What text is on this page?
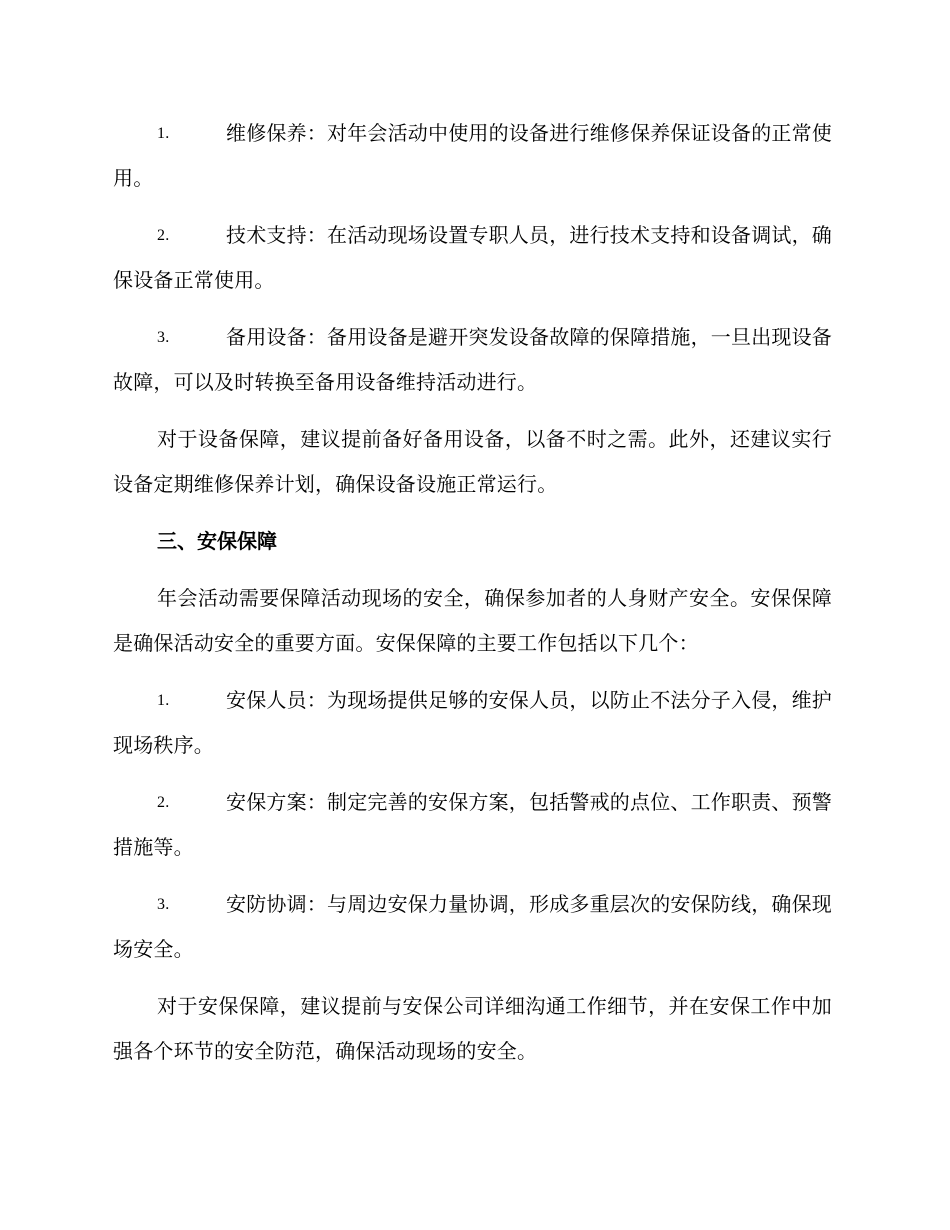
1.	维修保养：对年会活动中使用的设备进行维修保养保证设备的正常使用。

2.	技术支持：在活动现场设置专职人员，进行技术支持和设备调试，确保设备正常使用。

3.	备用设备：备用设备是避开突发设备故障的保障措施，一旦出现设备故障，可以及时转换至备用设备维持活动进行。

对于设备保障，建议提前备好备用设备，以备不时之需。此外，还建议实行设备定期维修保养计划，确保设备设施正常运行。

三、安保保障

年会活动需要保障活动现场的安全，确保参加者的人身财产安全。安保保障是确保活动安全的重要方面。安保保障的主要工作包括以下几个：

1.	安保人员：为现场提供足够的安保人员，以防止不法分子入侵，维护现场秩序。

2.	安保方案：制定完善的安保方案，包括警戒的点位、工作职责、预警措施等。

3.	安防协调：与周边安保力量协调，形成多重层次的安保防线，确保现场安全。

对于安保保障，建议提前与安保公司详细沟通工作细节，并在安保工作中加强各个环节的安全防范，确保活动现场的安全。
